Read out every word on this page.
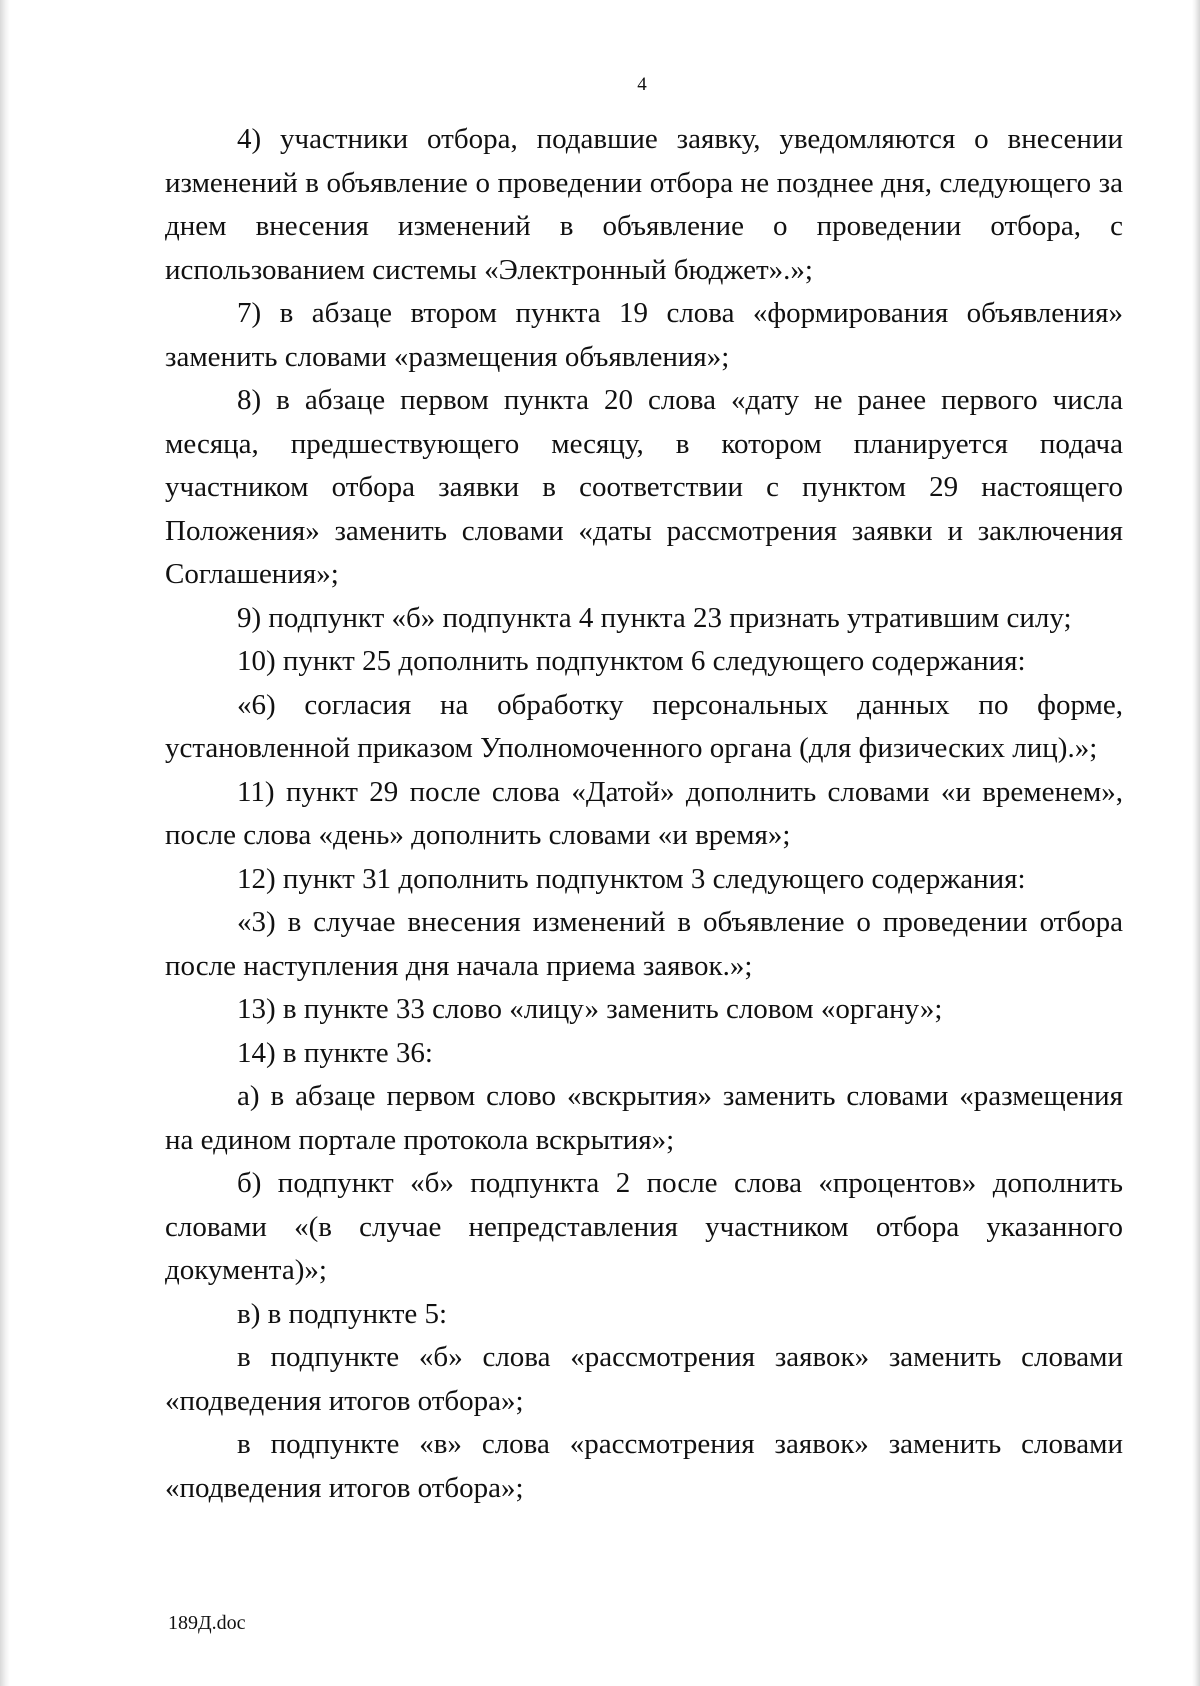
4

4) участники отбора, подавшие заявку, уведомляются о внесении изменений в объявление о проведении отбора не позднее дня, следующего за днем внесения изменений в объявление о проведении отбора, с использованием системы «Электронный бюджет».»;

7) в абзаце втором пункта 19 слова «формирования объявления» заменить словами «размещения объявления»;

8) в абзаце первом пункта 20 слова «дату не ранее первого числа месяца, предшествующего месяцу, в котором планируется подача участником отбора заявки в соответствии с пунктом 29 настоящего Положения» заменить словами «даты рассмотрения заявки и заключения Соглашения»;

9) подпункт «б» подпункта 4 пункта 23 признать утратившим силу;

10) пункт 25 дополнить подпунктом 6 следующего содержания:

«6) согласия на обработку персональных данных по форме, установленной приказом Уполномоченного органа (для физических лиц).»;

11) пункт 29 после слова «Датой» дополнить словами «и временем», после слова «день» дополнить словами «и время»;

12) пункт 31 дополнить подпунктом 3 следующего содержания:

«3) в случае внесения изменений в объявление о проведении отбора после наступления дня начала приема заявок.»;

13) в пункте 33 слово «лицу» заменить словом «органу»;

14) в пункте 36:

а) в абзаце первом слово «вскрытия» заменить словами «размещения на едином портале протокола вскрытия»;

б) подпункт «б» подпункта 2 после слова «процентов» дополнить словами «(в случае непредставления участником отбора указанного документа)»;

в) в подпункте 5:

в подпункте «б» слова «рассмотрения заявок» заменить словами «подведения итогов отбора»;

в подпункте «в» слова «рассмотрения заявок» заменить словами «подведения итогов отбора»;

189Д.doc
